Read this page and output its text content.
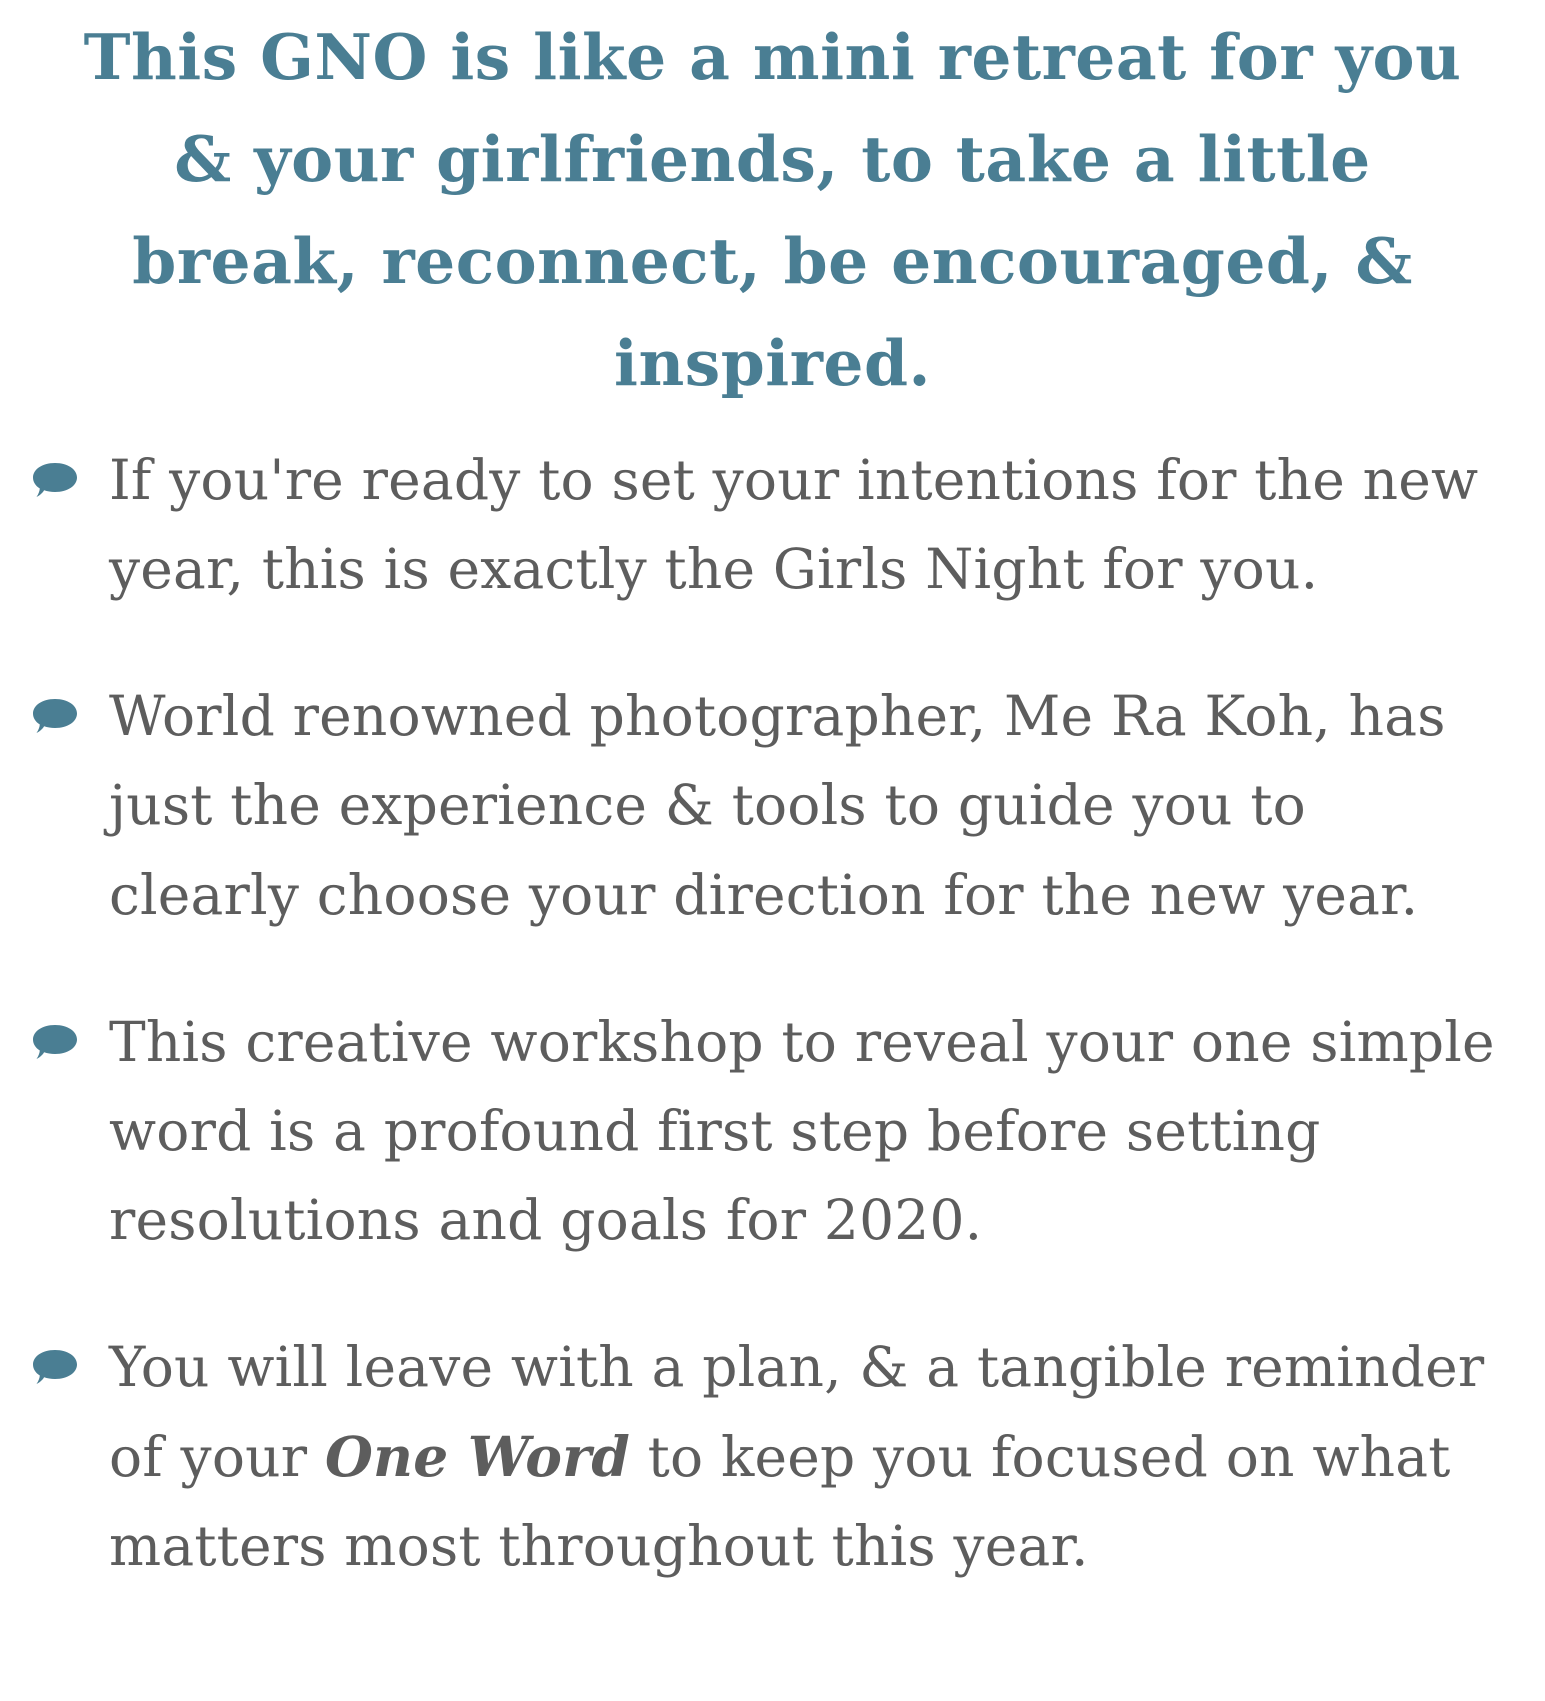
This GNO is like a mini retreat for you & your girlfriends, to take a little break, reconnect, be encouraged, & inspired.
If you're ready to set your intentions for the new year, this is exactly the Girls Night for you.
World renowned photographer, Me Ra Koh, has just the experience & tools to guide you to clearly choose your direction for the new year.
This creative workshop to reveal your one simple word is a profound first step before setting resolutions and goals for 2020.
You will leave with a plan, & a tangible reminder of your One Word to keep you focused on what matters most throughout this year.
